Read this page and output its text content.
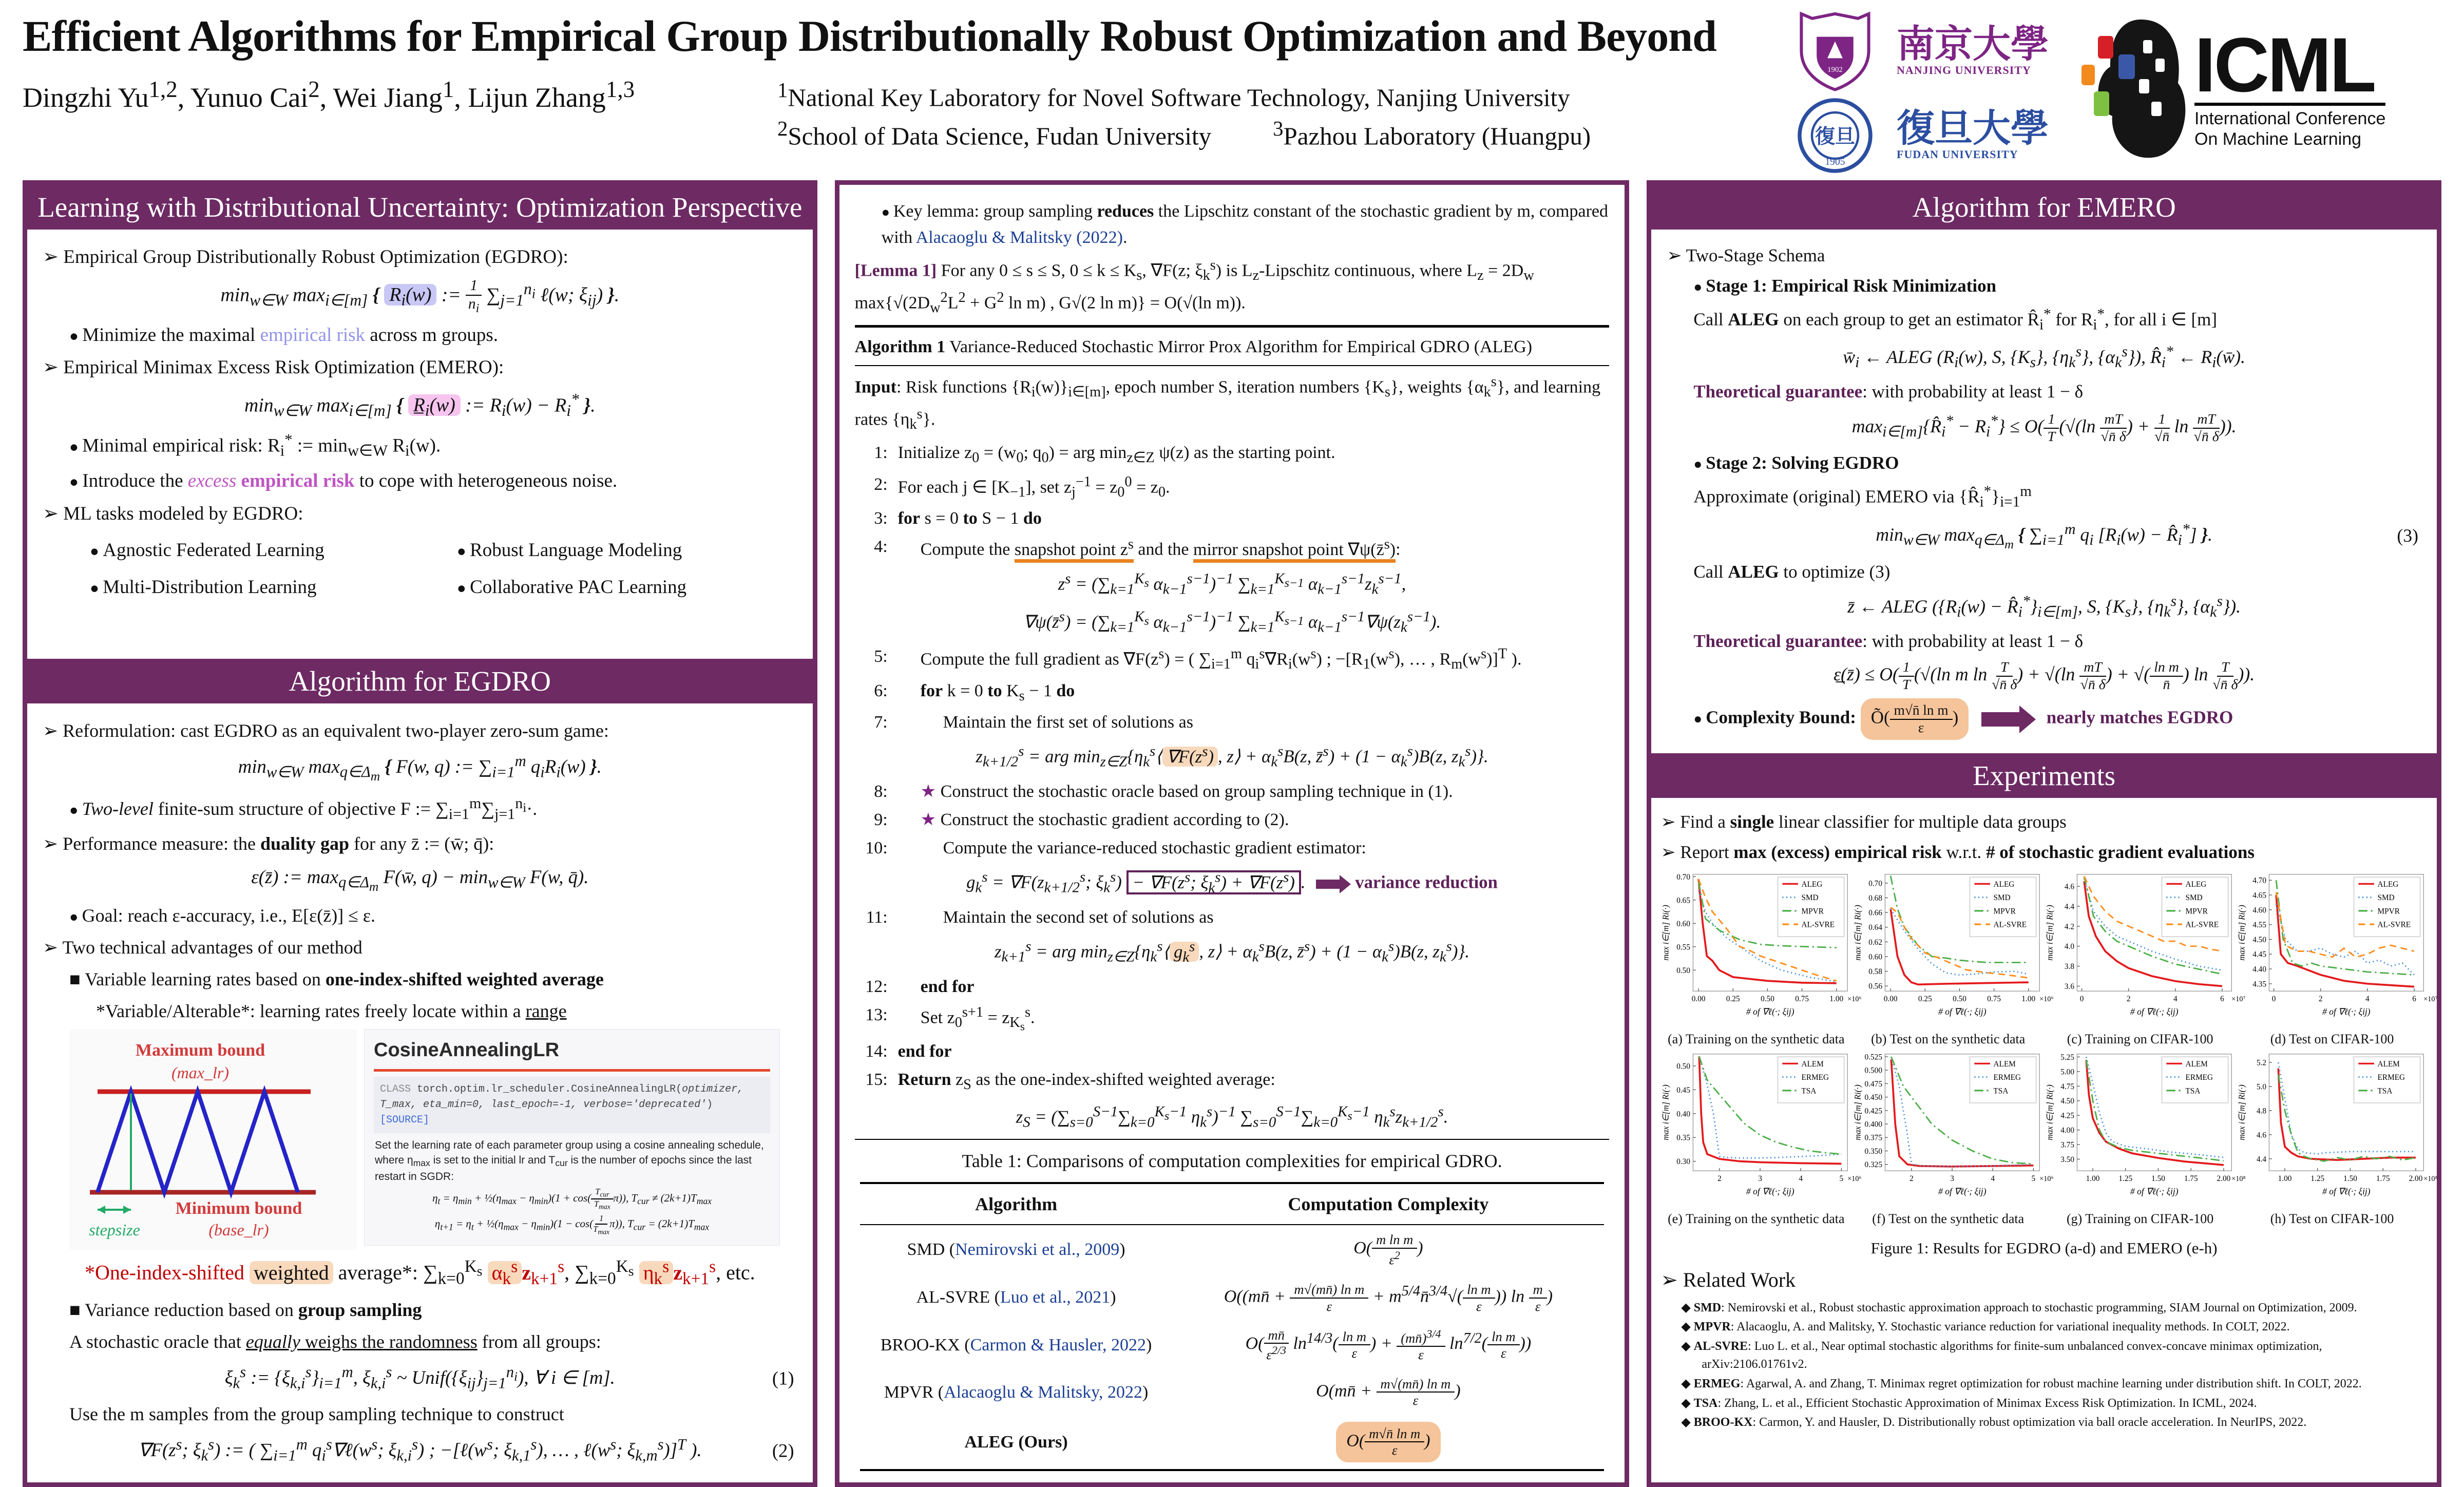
Efficient Algorithms for Empirical Group Distributionally Robust Optimization and Beyond
Dingzhi Yu$^{1,2}$, Yunuo Cai$^2$, Wei Jiang$^1$, Lijun Zhang$^{1,3}$	$^1$National Key Laboratory for Novel Software Technology, Nanjing University
$^2$School of Data Science, Fudan University	$^3$Pazhou Laboratory (Huangpu)
1902
南京大學
NANJING UNIVERSITY
復旦
1905
復旦大學
FUDAN UNIVERSITY
ICML
International Conference
On Machine Learning
Learning with Distributional Uncertainty: Optimization Perspective
➢ Empirical Group Distributionally Robust Optimization (EGDRO):
$\min_{w\in W} \max_{i\in[m]}$ { $R_i(w)$ := $\frac{1}{n_i} \sum_{j=1}^{n_i}$ ℓ(w; $\xi_{ij}$) }.
● Minimize the maximal empirical risk across m groups.
➢ Empirical Minimax Excess Risk Optimization (EMERO):
$\min_{w\in W} \max_{i\in[m]}$ { $R̲_i(w)$ := $R_i(w) - R_i^*$ }.
● Minimal empirical risk: $R_i^*$ := $\min_{w\in W} R_i(w)$.
● Introduce the excess empirical risk to cope with heterogeneous noise.
➢ ML tasks modeled by EGDRO:
● Agnostic Federated Learning	● Robust Language Modeling
● Multi-Distribution Learning	● Collaborative PAC Learning
Algorithm for EGDRO
➢ Reformulation: cast EGDRO as an equivalent two-player zero-sum game:
$\min_{w\in W} \max_{q\in\Delta_m}$ { F(w, q) := $\sum_{i=1}^m$ $q_iR_i(w)$ }.
● Two-level finite-sum structure of objective F := $\sum_{i=1}^m\sum_{j=1}^{n_i}\cdot$.
➢ Performance measure: the duality gap for any z̄ := (w̄; q̄):
ε(z̄) := $\max_{q\in\Delta_m}$ F(w̄, $q) - \min_{w\in W} F(w$, q̄).
● Goal: reach ε-accuracy, i.e., E[ε(z̄)] ≤ ε.
➢ Two technical advantages of our method
■ Variable learning rates based on one-index-shifted weighted average
*Variable/Alterable*: learning rates freely locate within a range
Maximum bound
(max_lr)
Minimum bound
(base_lr)
stepsize
CosineAnnealingLR
CLASS torch.optim.lr_scheduler.CosineAnnealingLR(optimizer, T_max, eta_min=0, last_epoch=-1, verbose='deprecated') [SOURCE]
Set the learning rate of each parameter group using a cosine annealing schedule, where $\eta_{max}$ is set to the initial lr and $T_{cur}$ is the number of epochs since the last restart in SGDR:
$\eta_t = \eta_{min}$ + $\frac{1}{2}(\eta_{max} - \eta_{min})(1 + \cos$(
$T_{cur}$
$T_{max}$
π)), $T_{cur} \ne (2k+1)T_{max}$
$\eta_{t+1} = \eta_t$ + $\frac{1}{2}(\eta_{max} - \eta_{min})(1 - \cos$( 1
$T_{max}$
π)), $T_{cur} = (2k+1)T_{max}$
*One-index-shifted weighted average*: $\sum_{k=0}^{K_s}$ $\alpha_k^s$ $z_{k+1}^s$, $\sum_{k=0}^{K_s}$ $\eta_k^s$ $z_{k+1}^s$, etc.
■ Variance reduction based on group sampling
A stochastic oracle that equally weighs the randomness from all groups:
$\xi_k^s$ := $\{\xi_{k,i}^s\}_{i=1}^m$, $\xi_{k,i}^s$ ~ $Unif(\{\xi_{ij}\}_{j=1}^{n_i})$, ∀ i ∈ [m].	(1)
Use the m samples from the group sampling technique to construct
$\nabla F(z^s$; $\xi_k^s$) := ( $\sum_{i=1}^m$ $q_i^s\nabla\ell(w^s$; $\xi_{k,i}^s$) ; $-[\ell(w^s$; $\xi_{k,1}^s$), … , $\ell(w^s$; $\xi_{k,m}^s)]^T$ ).	(2)
● Key lemma: group sampling reduces the Lipschitz constant of the stochastic gradient by m, compared with Alacaoglu & Malitsky (2022).
[Lemma 1] For any 0 ≤ s ≤ S, $0 \le k \le K_s$, ∇F(z; $\xi_k^s$) is $L_z$-Lipschitz continuous, where $L_z = 2D_w$ $\max\{√(2D_w^2L^2 + G^2$ ln m) , G√(2 ln m)} = O(√(ln m)).
Algorithm 1 Variance-Reduced Stochastic Mirror Prox Algorithm for Empirical GDRO (ALEG)
Input: Risk functions $\{R_i(w)\}_{i\in[m]}$, epoch number S, iteration numbers $\{K_s\}$, weights $\{\alpha_k^s\}$, and learning rates $\{\eta_k^s\}$.
1: Initialize $z_0 = (w_0$; $q_0$) = arg $\min_{z\in Z} \psi(z)$ as the starting point.
2: For each j ∈ $[K_{-1}]$, set $z_j^{-1} = z_0^0 = z_0$.
3: for s = 0 to S − 1 do
4:	Compute the snapshot point $z^s$ and the mirror snapshot point ∇ψ(z̄$^s$):
$z^s = (\sum_{k=1}^{K_s}$ $\alpha_{k-1}^{s-1})^{-1}$ $\sum_{k=1}^{K_{s-1}}$ $\alpha_{k-1}^{s-1}z_k^{s-1}$,
∇ψ(z̄$^s$) = ($\sum_{k=1}^{K_s}$ $\alpha_{k-1}^{s-1})^{-1}$ $\sum_{k=1}^{K_{s-1}}$ $\alpha_{k-1}^{s-1}\nabla\psi(z_k^{s-1})$.
5:	Compute the full gradient as $\nabla F(z^s)$ = ( $\sum_{i=1}^m$ $q_i^s\nabla R_i(w^s)$ ; $-[R_1(w^s)$, … , $R_m(w^s)]^T$ ).
6:	for k = 0 to $K_s - 1$ do
7:	Maintain the first set of solutions as
$z_{k+1/2}^s$ = arg $\min_{z\in Z}\{\eta_k^s⟨$ $\nabla F(z^s)$ , z⟩ + $\alpha_k^sB(z$, z̄$^s$) + $(1 - \alpha_k^s)B(z$, $z_k^s$)}.
8:	★ Construct the stochastic oracle based on group sampling technique in (1).
9:	★ Construct the stochastic gradient according to (2).
10:	Compute the variance-reduced stochastic gradient estimator:
$g_k^s = \nabla F(z_{k+1/2}^s$; $\xi_k^s) - \nabla F(z^s$; $\xi_k^s) + \nabla F(z^s)$ .	variance reduction
11:	Maintain the second set of solutions as
$z_{k+1}^s$ = arg $\min_{z\in Z}\{\eta_k^s⟨$ $g_k^s$ , z⟩ + $\alpha_k^sB(z$, z̄$^s$) + $(1 - \alpha_k^s)B(z$, $z_k^s$)}.
12:	end for
13:	Set $z_0^{s+1} = z_{K_s}^s$.
14: end for
15: Return $z_S$ as the one-index-shifted weighted average:
$z_S = (\sum_{s=0}^{S-1}\sum_{k=0}^{K_s-1}$ $\eta_k^s)^{-1}$ $\sum_{s=0}^{S-1}\sum_{k=0}^{K_s-1}$ $\eta_k^sz_{k+1/2}^s$.
Table 1: Comparisons of computation complexities for empirical GDRO.
Algorithm	Computation Complexity
SMD (Nemirovski et al., 2009)	$O( \frac{\text{m ln m}}{\varepsilon^2}$ )
AL-SVRE (Luo et al., 2021)	O((mn̄ + $\frac{\text{m√(mn̄) ln m}}{\varepsilon}$ + $m^{5/4}n̄^{3/4}√( \frac{\text{ln m}}{\varepsilon}$ )) $\ln \frac{m}{\varepsilon}$ )
BROO-KX (Carmon & Hausler, 2022)	$O( \frac{mn̄}{\varepsilon^{2/3}} \ln^{14/3}( \frac{\text{ln m}}{\varepsilon}$ ) + $\frac{(mn̄)^{3/4}}{\varepsilon} \ln^{7/2}( \frac{\text{ln m}}{\varepsilon}$ ))
MPVR (Alacaoglu & Malitsky, 2022)	O(mn̄ + $\frac{\text{m√(mn̄) ln m}}{\varepsilon}$ )
ALEG (Ours)	$O( \frac{\text{m√n̄ ln m}}{\varepsilon}$ )
Algorithm for EMERO
➢ Two-Stage Schema
● Stage 1: Empirical Risk Minimization
Call ALEG on each group to get an estimator $R̂_i^*$ for $R_i^*$, for all i ∈ [m]
$w̄_i$ ← ALEG ($R_i(w)$, S, $\{K_s\}$, $\{\eta_k^s\}$, $\{\alpha_k^s\}$), $R̂_i^*$ ← $R_i(w̄)$.
Theoretical guarantee: with probability at least 1 − δ
$\max_{i\in[m]}\{R̂_i^* - R_i^*\} \le O( \frac{1}{T} (√(\ln \frac{mT}{√n̄ \delta}$ ) + $\frac{1}{√n̄}$ $\ln \frac{mT}{√n̄ \delta}$ )).
● Stage 2: Solving EGDRO
Approximate (original) EMERO via $\{R̂_i^*\}_{i=1}^m$
$\min_{w\in W} \max_{q\in\Delta_m}$ { $\sum_{i=1}^m$ $q_i$ [$R_i(w)$ − $R̂_i^*$] }.	(3)
Call ALEG to optimize (3)
z̄ ← ALEG ({$R_i(w)$ − $R̂_i^*\}_{i\in[m]}$, S, $\{K_s\}$, $\{\eta_k^s\}$, $\{\alpha_k^s\}$).
Theoretical guarantee: with probability at least 1 − δ
ε̲(z̄) ≤ $O( \frac{1}{T} (√(\ln$ m $\ln \frac{T}{√n̄ \delta}$ ) + $√(\ln \frac{mT}{√n̄ \delta}$ ) + √( $\frac{\text{ln m}}{n̄}$ ) $\ln \frac{T}{√n̄ \delta}$ )).
● Complexity Bound: Õ( $\frac{\text{m√n̄ ln m}}{\varepsilon}$ )	nearly matches EGDRO
Experiments
➢ Find a single linear classifier for multiple data groups
➢ Report max (excess) empirical risk w.r.t. # of stochastic gradient evaluations
0.50
0.55
0.60
0.65
0.70
0.00	0.25	0.50	0.75	1.00 ×10⁶
# of ∇ℓ(·; ξij)
max i∈[m] Ri(·)
ALEG
SMD
MPVR
AL-SVRE
(a) Training on the synthetic data
0.56
0.58
0.60
0.62
0.64
0.66
0.68
0.70
0.00	0.25	0.50	0.75	1.00 ×10⁶
# of ∇ℓ(·; ξij)
max i∈[m] Ri(·)
ALEG
SMD
MPVR
AL-SVRE
(b) Test on the synthetic data
3.6
3.8
4.0
4.2
4.4
4.6
0	2	4	6 ×10⁷
# of ∇ℓ(·; ξij)
max i∈[m] Ri(·)
ALEG
SMD
MPVR
AL-SVRE
(c) Training on CIFAR-100
4.35
4.40
4.45
4.50
4.55
4.60
4.65
4.70
0	2	4	6 ×10⁷
# of ∇ℓ(·; ξij)
max i∈[m] Ri(·)
ALEG
SMD
MPVR
AL-SVRE
(d) Test on CIFAR-100
0.30
0.35
0.40
0.45
0.50
2	3	4	5 ×10⁶
# of ∇ℓ(·; ξij)
max i∈[m] Ri(·)
ALEM
ERMEG
TSA
(e) Training on the synthetic data
0.325
0.350
0.375
0.400
0.425
0.450
0.475
0.500
0.525
2	3	4	5 ×10⁶
# of ∇ℓ(·; ξij)
max i∈[m] Ri(·)
ALEM
ERMEG
TSA
(f) Test on the synthetic data
3.50
3.75
4.00
4.25
4.50
4.75
5.00
5.25
1.00	1.25	1.50	1.75	2.00 ×10⁸
# of ∇ℓ(·; ξij)
max i∈[m] Ri(·)
ALEM
ERMEG
TSA
(g) Training on CIFAR-100
4.4
4.6
4.8
5.0
5.2
1.00	1.25	1.50	1.75	2.00 ×10⁸
# of ∇ℓ(·; ξij)
max i∈[m] Ri(·)
ALEM
ERMEG
TSA
(h) Test on CIFAR-100
Figure 1: Results for EGDRO (a-d) and EMERO (e-h)
➢ Related Work
◆ SMD: Nemirovski et al., Robust stochastic approximation approach to stochastic programming, SIAM Journal on Optimization, 2009.
◆ MPVR: Alacaoglu, A. and Malitsky, Y. Stochastic variance reduction for variational inequality methods. In COLT, 2022.
◆ AL-SVRE: Luo L. et al., Near optimal stochastic algorithms for finite-sum unbalanced convex-concave minimax optimization, arXiv:2106.01761v2.
◆ ERMEG: Agarwal, A. and Zhang, T. Minimax regret optimization for robust machine learning under distribution shift. In COLT, 2022.
◆ TSA: Zhang, L. et al., Efficient Stochastic Approximation of Minimax Excess Risk Optimization. In ICML, 2024.
◆ BROO-KX: Carmon, Y. and Hausler, D. Distributionally robust optimization via ball oracle acceleration. In NeurIPS, 2022.
